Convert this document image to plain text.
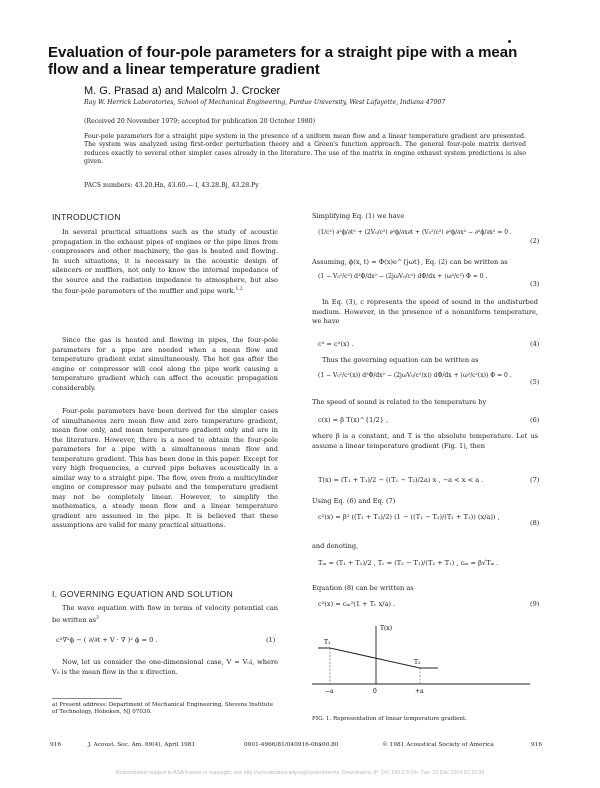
Evaluation of four-pole parameters for a straight pipe with a mean flow and a linear temperature gradient
M. G. Prasad a) and Malcolm J. Crocker
Ray W. Herrick Laboratories, School of Mechanical Engineering, Purdue University, West Lafayette, Indiana 47907
(Received 20 November 1979; accepted for publication 20 October 1980)
Four-pole parameters for a straight pipe system in the presence of a uniform mean flow and a linear temperature gradient are presented. The system was analyzed using first-order perturbation theory and a Green's function approach. The general four-pole matrix derived reduces exactly to several other simpler cases already in the literature. The use of the matrix in engine exhaust system predictions is also given.
PACS numbers: 43.20.Hn, 43.60.— l, 43.28.Bj, 43.28.Py
INTRODUCTION
In several practical situations such as the study of acoustic propagation in the exhaust pipes of engines or the pipe lines from compressors and other machinery, the gas is heated and flowing. In such situations, it is necessary in the acoustic design of silencers or mufflers, not only to know the internal impedance of the source and the radiation impedance to atmosphere, but also the four-pole parameters of the muffler and pipe work.$^{1,2}$
Since the gas is heated and flowing in pipes, the four-pole parameters for a pipe are needed when a mean flow and temperature gradient exist simultaneously. The hot gas after the engine or compressor will cool along the pipe work causing a temperature gradient which can affect the acoustic propagation considerably.
Four-pole parameters have been derived for the simpler cases of simultaneous zero mean flow and zero temperature gradient, mean flow only, and mean temperature gradient only and are in the literature. However, there is a need to obtain the four-pole parameters for a pipe with a simultaneous mean flow and temperature gradient. This has been done in this paper. Except for very high frequencies, a curved pipe behaves acoustically in a similar way to a straight pipe. The flow, even from a multicylinder engine or compressor may pulsate and the temperature gradient may not be completely linear. However, to simplify the mathematics, a steady mean flow and a linear temperature gradient are assumed in the pipe. It is believed that these assumptions are valid for many practical situations.
I. GOVERNING EQUATION AND SOLUTION
The wave equation with flow in terms of velocity potential can be written $as^3$
c²∇²ϕ − ( ∂/∂t + V · ∇ )² ϕ = 0 .	(1)
Now, let us consider the one-dimensional case, V = V₀i, where V₀ is the mean flow in the x direction.
a) Present address: Department of Mechanical Engineering, Stevens Institute of Technology, Hoboken, NJ 07030.
Simplifying Eq. (1) we have
(1/c²) ∂²ϕ/∂t² + (2V₀/c²) ∂²ϕ/∂x∂t + (V₀²/c²) ∂²ϕ/∂x² − ∂²ϕ/∂x² = 0 .
(2)
Assuming, ϕ(x, t) = Φ(x)e^{jωt}, Eq. (2) can be written as
(1 − V₀²/c²) d²Φ/dx² − (2jωV₀/c²) dΦ/dx + (ω²/c²) Φ = 0 .
(3)
In Eq. (3), c represents the speed of sound in the undisturbed medium. However, in the presence of a nonuniform temperature, we have
c² = c²(x) .	(4)
Thus the governing equation can be written as
(1 − V₀²/c²(x)) d²Φ/dx² − (2jωV₀/c²(x)) dΦ/dx + (ω²/c²(x)) Φ = 0 .
(5)
The speed of sound is related to the temperature by
c(x) = β T(x)^{1/2} ,	(6)
where β is a constant, and T is the absolute temperature. Let us assume a linear temperature gradient (Fig. 1), then
T(x) = (T₁ + T₂)/2 − ((T₁ − T₂)/2a) x , −a < x < a .	(7)
Using Eq. (6) and Eq. (7)
c²(x) = β² ((T₁ + T₂)/2) (1 − ((T₁ − T₂)/(T₁ + T₂)) (x/a)) ,
(8)
and denoting,
Tₘ = (T₁ + T₂)/2 , Tᵣ = (T₂ − T₁)/(T₂ + T₁) , cₘ = β√Tₘ .
Equation (8) can be written as
c²(x) = cₘ²(1 + Tᵣ x/a) .	(9)
T(x)
T₁
T₂
−a	0	+a
FIG. 1. Representation of linear temperature gradient.
916	J. Acoust. Soc. Am. 69(4), April 1981	0001-4966/81/040916-06$00.80	© 1981 Acoustical Society of America	916
Redistribution subject to ASA license or copyright; see http://acousticalsociety.org/content/terms. Download to IP: 147.143.2.5 On: Tue, 23 Dec 2014 07:10:39
